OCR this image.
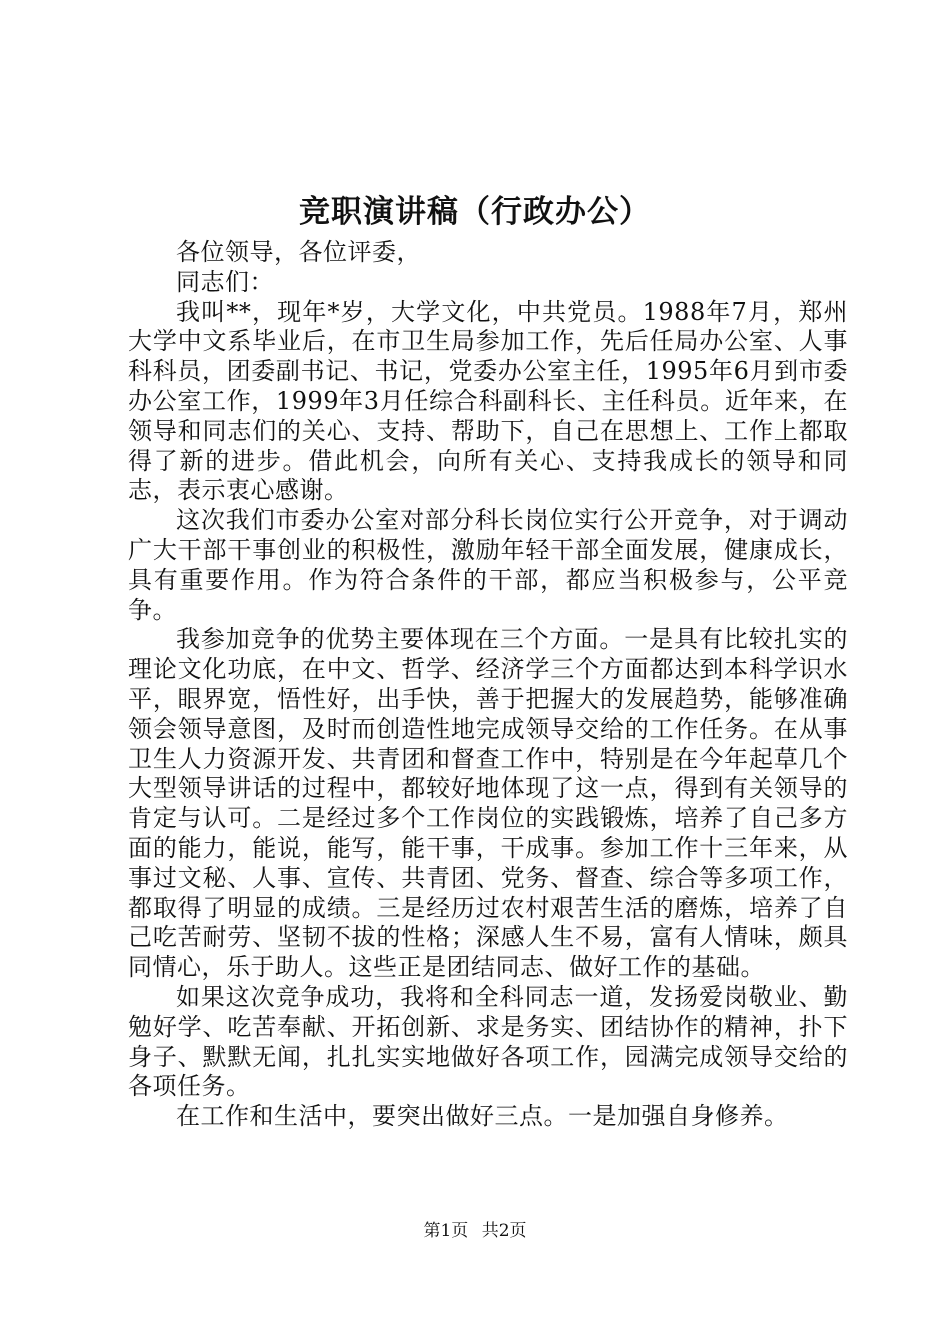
竞职演讲稿（行政办公）

各位领导，各位评委，

同志们：

我叫**，现年*岁，大学文化，中共党员。1988年7月，郑州大学中文系毕业后，在市卫生局参加工作，先后任局办公室、人事科科员，团委副书记、书记，党委办公室主任，1995年6月到市委办公室工作，1999年3月任综合科副科长、主任科员。近年来，在领导和同志们的关心、支持、帮助下，自己在思想上、工作上都取得了新的进步。借此机会，向所有关心、支持我成长的领导和同志，表示衷心感谢。

这次我们市委办公室对部分科长岗位实行公开竞争，对于调动广大干部干事创业的积极性，激励年轻干部全面发展，健康成长，具有重要作用。作为符合条件的干部，都应当积极参与，公平竞争。

我参加竞争的优势主要体现在三个方面。一是具有比较扎实的理论文化功底，在中文、哲学、经济学三个方面都达到本科学识水平，眼界宽，悟性好，出手快，善于把握大的发展趋势，能够准确领会领导意图，及时而创造性地完成领导交给的工作任务。在从事卫生人力资源开发、共青团和督查工作中，特别是在今年起草几个大型领导讲话的过程中，都较好地体现了这一点，得到有关领导的肯定与认可。二是经过多个工作岗位的实践锻炼，培养了自己多方面的能力，能说，能写，能干事，干成事。参加工作十三年来，从事过文秘、人事、宣传、共青团、党务、督查、综合等多项工作，都取得了明显的成绩。三是经历过农村艰苦生活的磨炼，培养了自己吃苦耐劳、坚韧不拔的性格；深感人生不易，富有人情味，颇具同情心，乐于助人。这些正是团结同志、做好工作的基础。

如果这次竞争成功，我将和全科同志一道，发扬爱岗敬业、勤勉好学、吃苦奉献、开拓创新、求是务实、团结协作的精神，扑下身子、默默无闻，扎扎实实地做好各项工作，园满完成领导交给的各项任务。

在工作和生活中，要突出做好三点。一是加强自身修养。

第1页 共2页
